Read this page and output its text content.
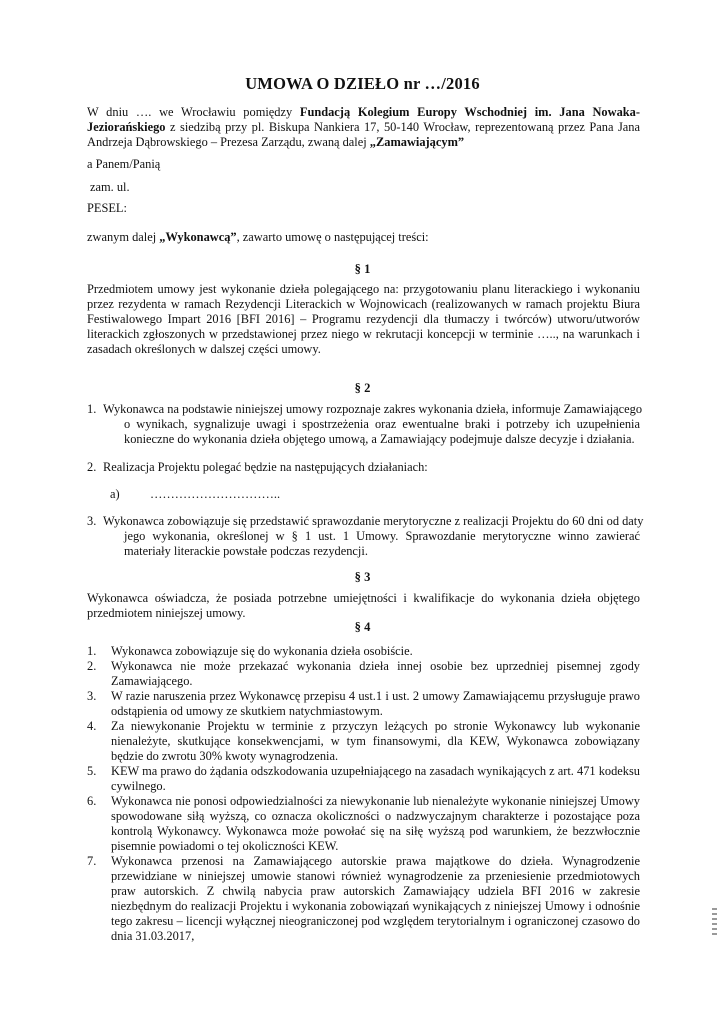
UMOWA O DZIEŁO nr …/2016
W dniu …. we Wrocławiu pomiędzy Fundacją Kolegium Europy Wschodniej im. Jana Nowaka-Jeziorańskiego z siedzibą przy pl. Biskupa Nankiera 17, 50-140 Wrocław, reprezentowaną przez Pana Jana Andrzeja Dąbrowskiego – Prezesa Zarządu, zwaną dalej „Zamawiającym”
a Panem/Panią
zam. ul.
PESEL:
zwanym dalej „Wykonawcą”, zawarto umowę o następującej treści:
§ 1
Przedmiotem umowy jest wykonanie dzieła polegającego na: przygotowaniu planu literackiego i wykonaniu przez rezydenta w ramach Rezydencji Literackich w Wojnowicach (realizowanych w ramach projektu Biura Festiwalowego Impart 2016 [BFI 2016] – Programu rezydencji dla tłumaczy i twórców) utworu/utworów literackich zgłoszonych w przedstawionej przez niego w rekrutacji koncepcji w terminie ….., na warunkach i zasadach określonych w dalszej części umowy.
§ 2
1. Wykonawca na podstawie niniejszej umowy rozpoznaje zakres wykonania dzieła, informuje Zamawiającego
o wynikach, sygnalizuje uwagi i spostrzeżenia oraz ewentualne braki i potrzeby ich uzupełnienia konieczne do wykonania dzieła objętego umową, a Zamawiający podejmuje dalsze decyzje i działania.
2. Realizacja Projektu polegać będzie na następujących działaniach:
a)	…………………………..
3. Wykonawca zobowiązuje się przedstawić sprawozdanie merytoryczne z realizacji Projektu do 60 dni od daty
jego wykonania, określonej w § 1 ust. 1 Umowy. Sprawozdanie merytoryczne winno zawierać materiały literackie powstałe podczas rezydencji.
§ 3
Wykonawca oświadcza, że posiada potrzebne umiejętności i kwalifikacje do wykonania dzieła objętego przedmiotem niniejszej umowy.
§ 4
1.	Wykonawca zobowiązuje się do wykonania dzieła osobiście.
2.	Wykonawca nie może przekazać wykonania dzieła innej osobie bez uprzedniej pisemnej zgody Zamawiającego.
3.	W razie naruszenia przez Wykonawcę przepisu 4 ust.1 i ust. 2 umowy Zamawiającemu przysługuje prawo odstąpienia od umowy ze skutkiem natychmiastowym.
4.	Za niewykonanie Projektu w terminie z przyczyn leżących po stronie Wykonawcy lub wykonanie nienależyte, skutkujące konsekwencjami, w tym finansowymi, dla KEW, Wykonawca zobowiązany będzie do zwrotu 30% kwoty wynagrodzenia.
5.	KEW ma prawo do żądania odszkodowania uzupełniającego na zasadach wynikających z art. 471 kodeksu cywilnego.
6.	Wykonawca nie ponosi odpowiedzialności za niewykonanie lub nienależyte wykonanie niniejszej Umowy spowodowane siłą wyższą, co oznacza okoliczności o nadzwyczajnym charakterze i pozostające poza kontrolą Wykonawcy. Wykonawca może powołać się na siłę wyższą pod warunkiem, że bezzwłocznie pisemnie powiadomi o tej okoliczności KEW.
7.	Wykonawca przenosi na Zamawiającego autorskie prawa majątkowe do dzieła. Wynagrodzenie przewidziane w niniejszej umowie stanowi również wynagrodzenie za przeniesienie przedmiotowych praw autorskich. Z chwilą nabycia praw autorskich Zamawiający udziela BFI 2016 w zakresie niezbędnym do realizacji Projektu i wykonania zobowiązań wynikających z niniejszej Umowy i odnośnie tego zakresu – licencji wyłącznej nieograniczonej pod względem terytorialnym i ograniczonej czasowo do dnia 31.03.2017,
